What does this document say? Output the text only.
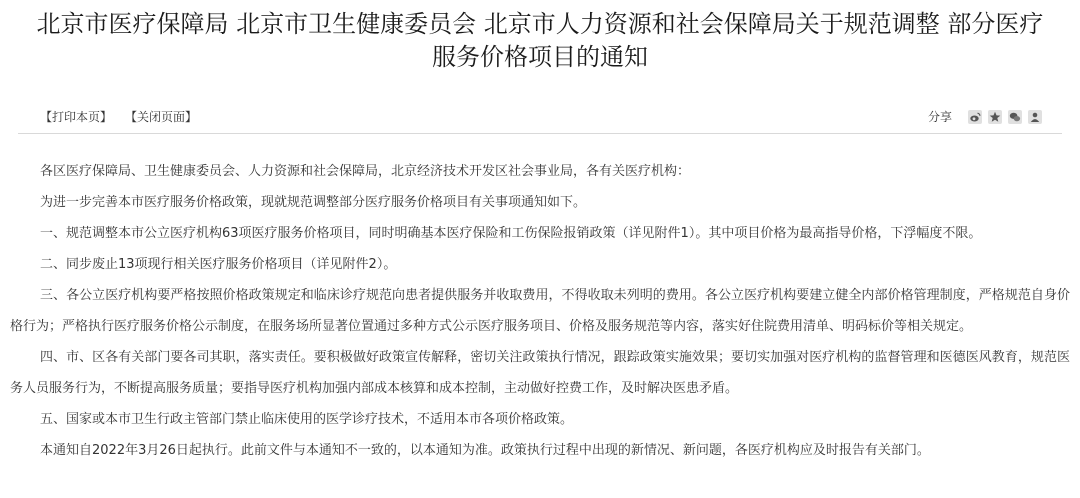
北京市医疗保障局 北京市卫生健康委员会 北京市人力资源和社会保障局关于规范调整 部分医疗
服务价格项目的通知
【打印本页】 【关闭页面】	分享

各区医疗保障局、卫生健康委员会、人力资源和社会保障局，北京经济技术开发区社会事业局，各有关医疗机构：

为进一步完善本市医疗服务价格政策，现就规范调整部分医疗服务价格项目有关事项通知如下。

一、规范调整本市公立医疗机构63项医疗服务价格项目，同时明确基本医疗保险和工伤保险报销政策（详见附件1）。其中项目价格为最高指导价格，下浮幅度不限。

二、同步废止13项现行相关医疗服务价格项目（详见附件2）。

三、各公立医疗机构要严格按照价格政策规定和临床诊疗规范向患者提供服务并收取费用，不得收取未列明的费用。各公立医疗机构要建立健全内部价格管理制度，严格规范自身价格行为；严格执行医疗服务价格公示制度，在服务场所显著位置通过多种方式公示医疗服务项目、价格及服务规范等内容，落实好住院费用清单、明码标价等相关规定。

四、市、区各有关部门要各司其职，落实责任。要积极做好政策宣传解释，密切关注政策执行情况，跟踪政策实施效果；要切实加强对医疗机构的监督管理和医德医风教育，规范医务人员服务行为，不断提高服务质量；要指导医疗机构加强内部成本核算和成本控制，主动做好控费工作，及时解决医患矛盾。

五、国家或本市卫生行政主管部门禁止临床使用的医学诊疗技术，不适用本市各项价格政策。

本通知自2022年3月26日起执行。此前文件与本通知不一致的，以本通知为准。政策执行过程中出现的新情况、新问题，各医疗机构应及时报告有关部门。
